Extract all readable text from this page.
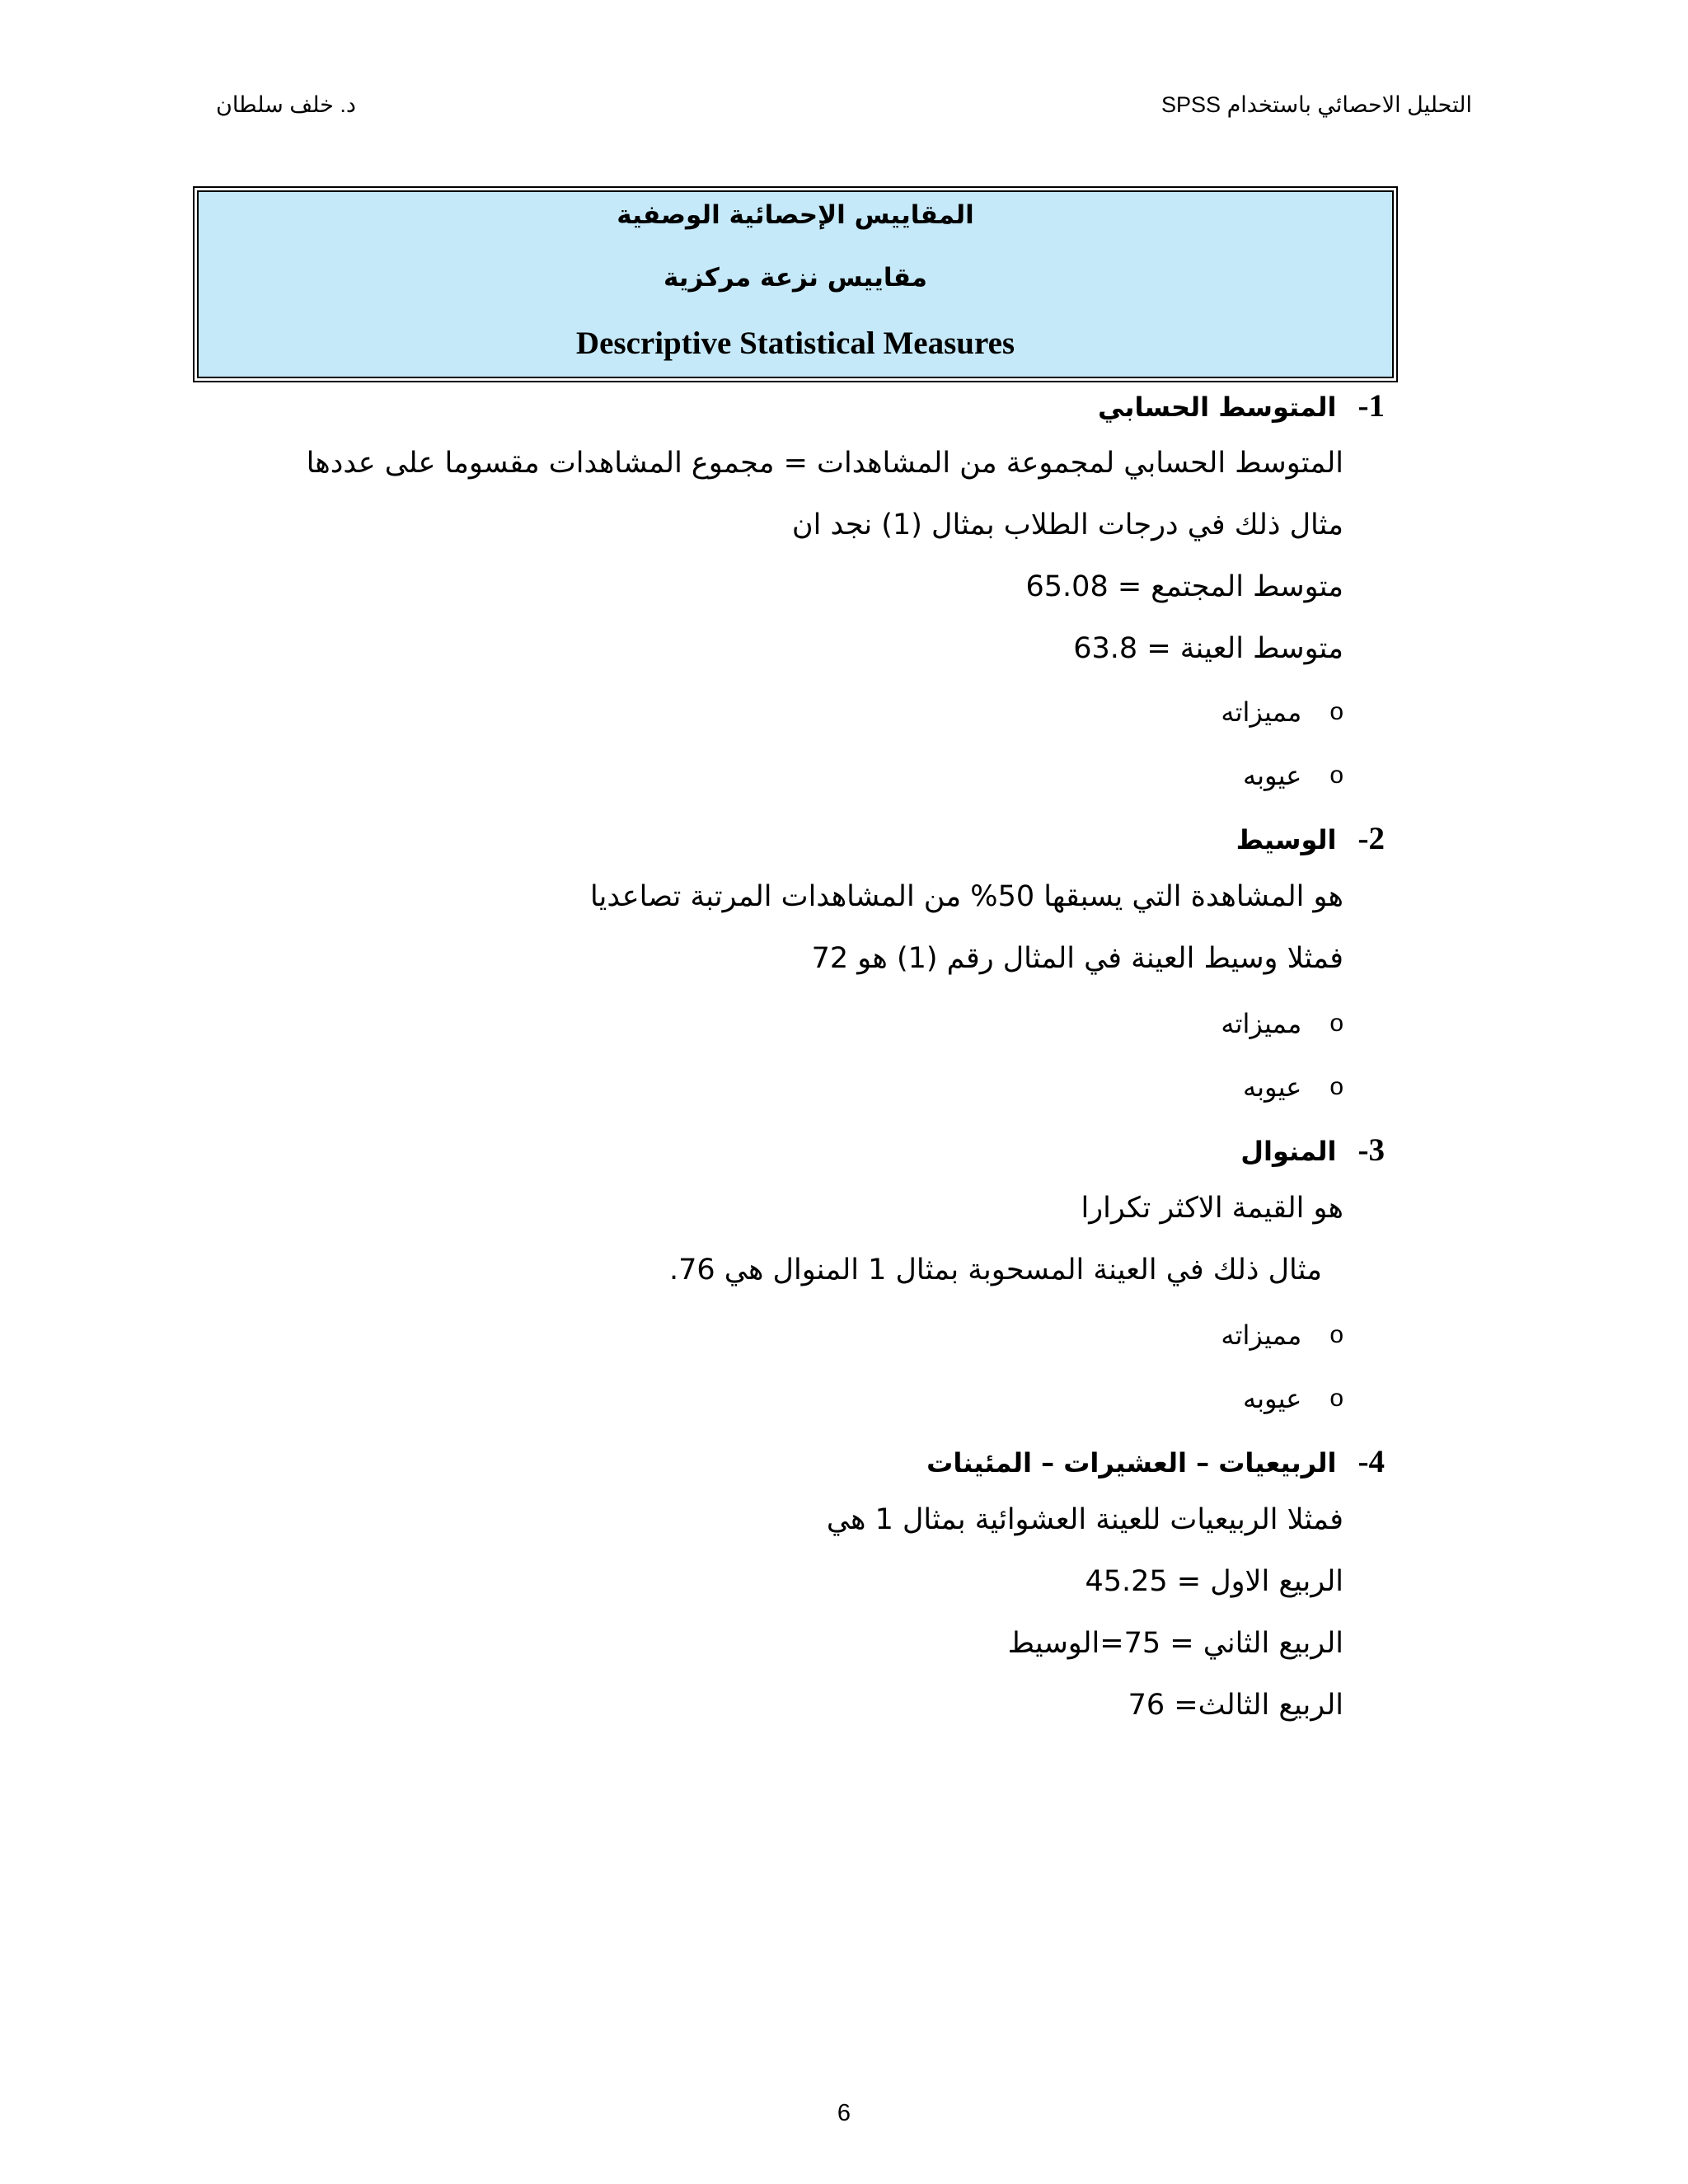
د. خلف سلطان	التحليل الاحصائي باستخدام SPSS
المقاييس الإحصائية الوصفية
مقاييس نزعة مركزية
Descriptive Statistical Measures
1-
المتوسط الحسابي
المتوسط الحسابي لمجموعة من المشاهدات = مجموع المشاهدات مقسوما على عددها
مثال ذلك في درجات الطلاب بمثال (1) نجد ان
متوسط المجتمع = 65.08
متوسط العينة = 63.8
o
مميزاته
o
عيوبه
2-
الوسيط
هو المشاهدة التي يسبقها 50% من المشاهدات المرتبة تصاعديا
فمثلا وسيط العينة في المثال رقم (1) هو 72
o
مميزاته
o
عيوبه
3-
المنوال
هو القيمة الاكثر تكرارا
مثال ذلك في العينة المسحوبة بمثال 1 المنوال هي 76.
o
مميزاته
o
عيوبه
4-
الربيعيات – العشيرات – المئينات
فمثلا الربيعيات للعينة العشوائية بمثال 1 هي
الربيع الاول = 45.25
الربيع الثاني = 75=الوسيط
الربيع الثالث= 76
6
